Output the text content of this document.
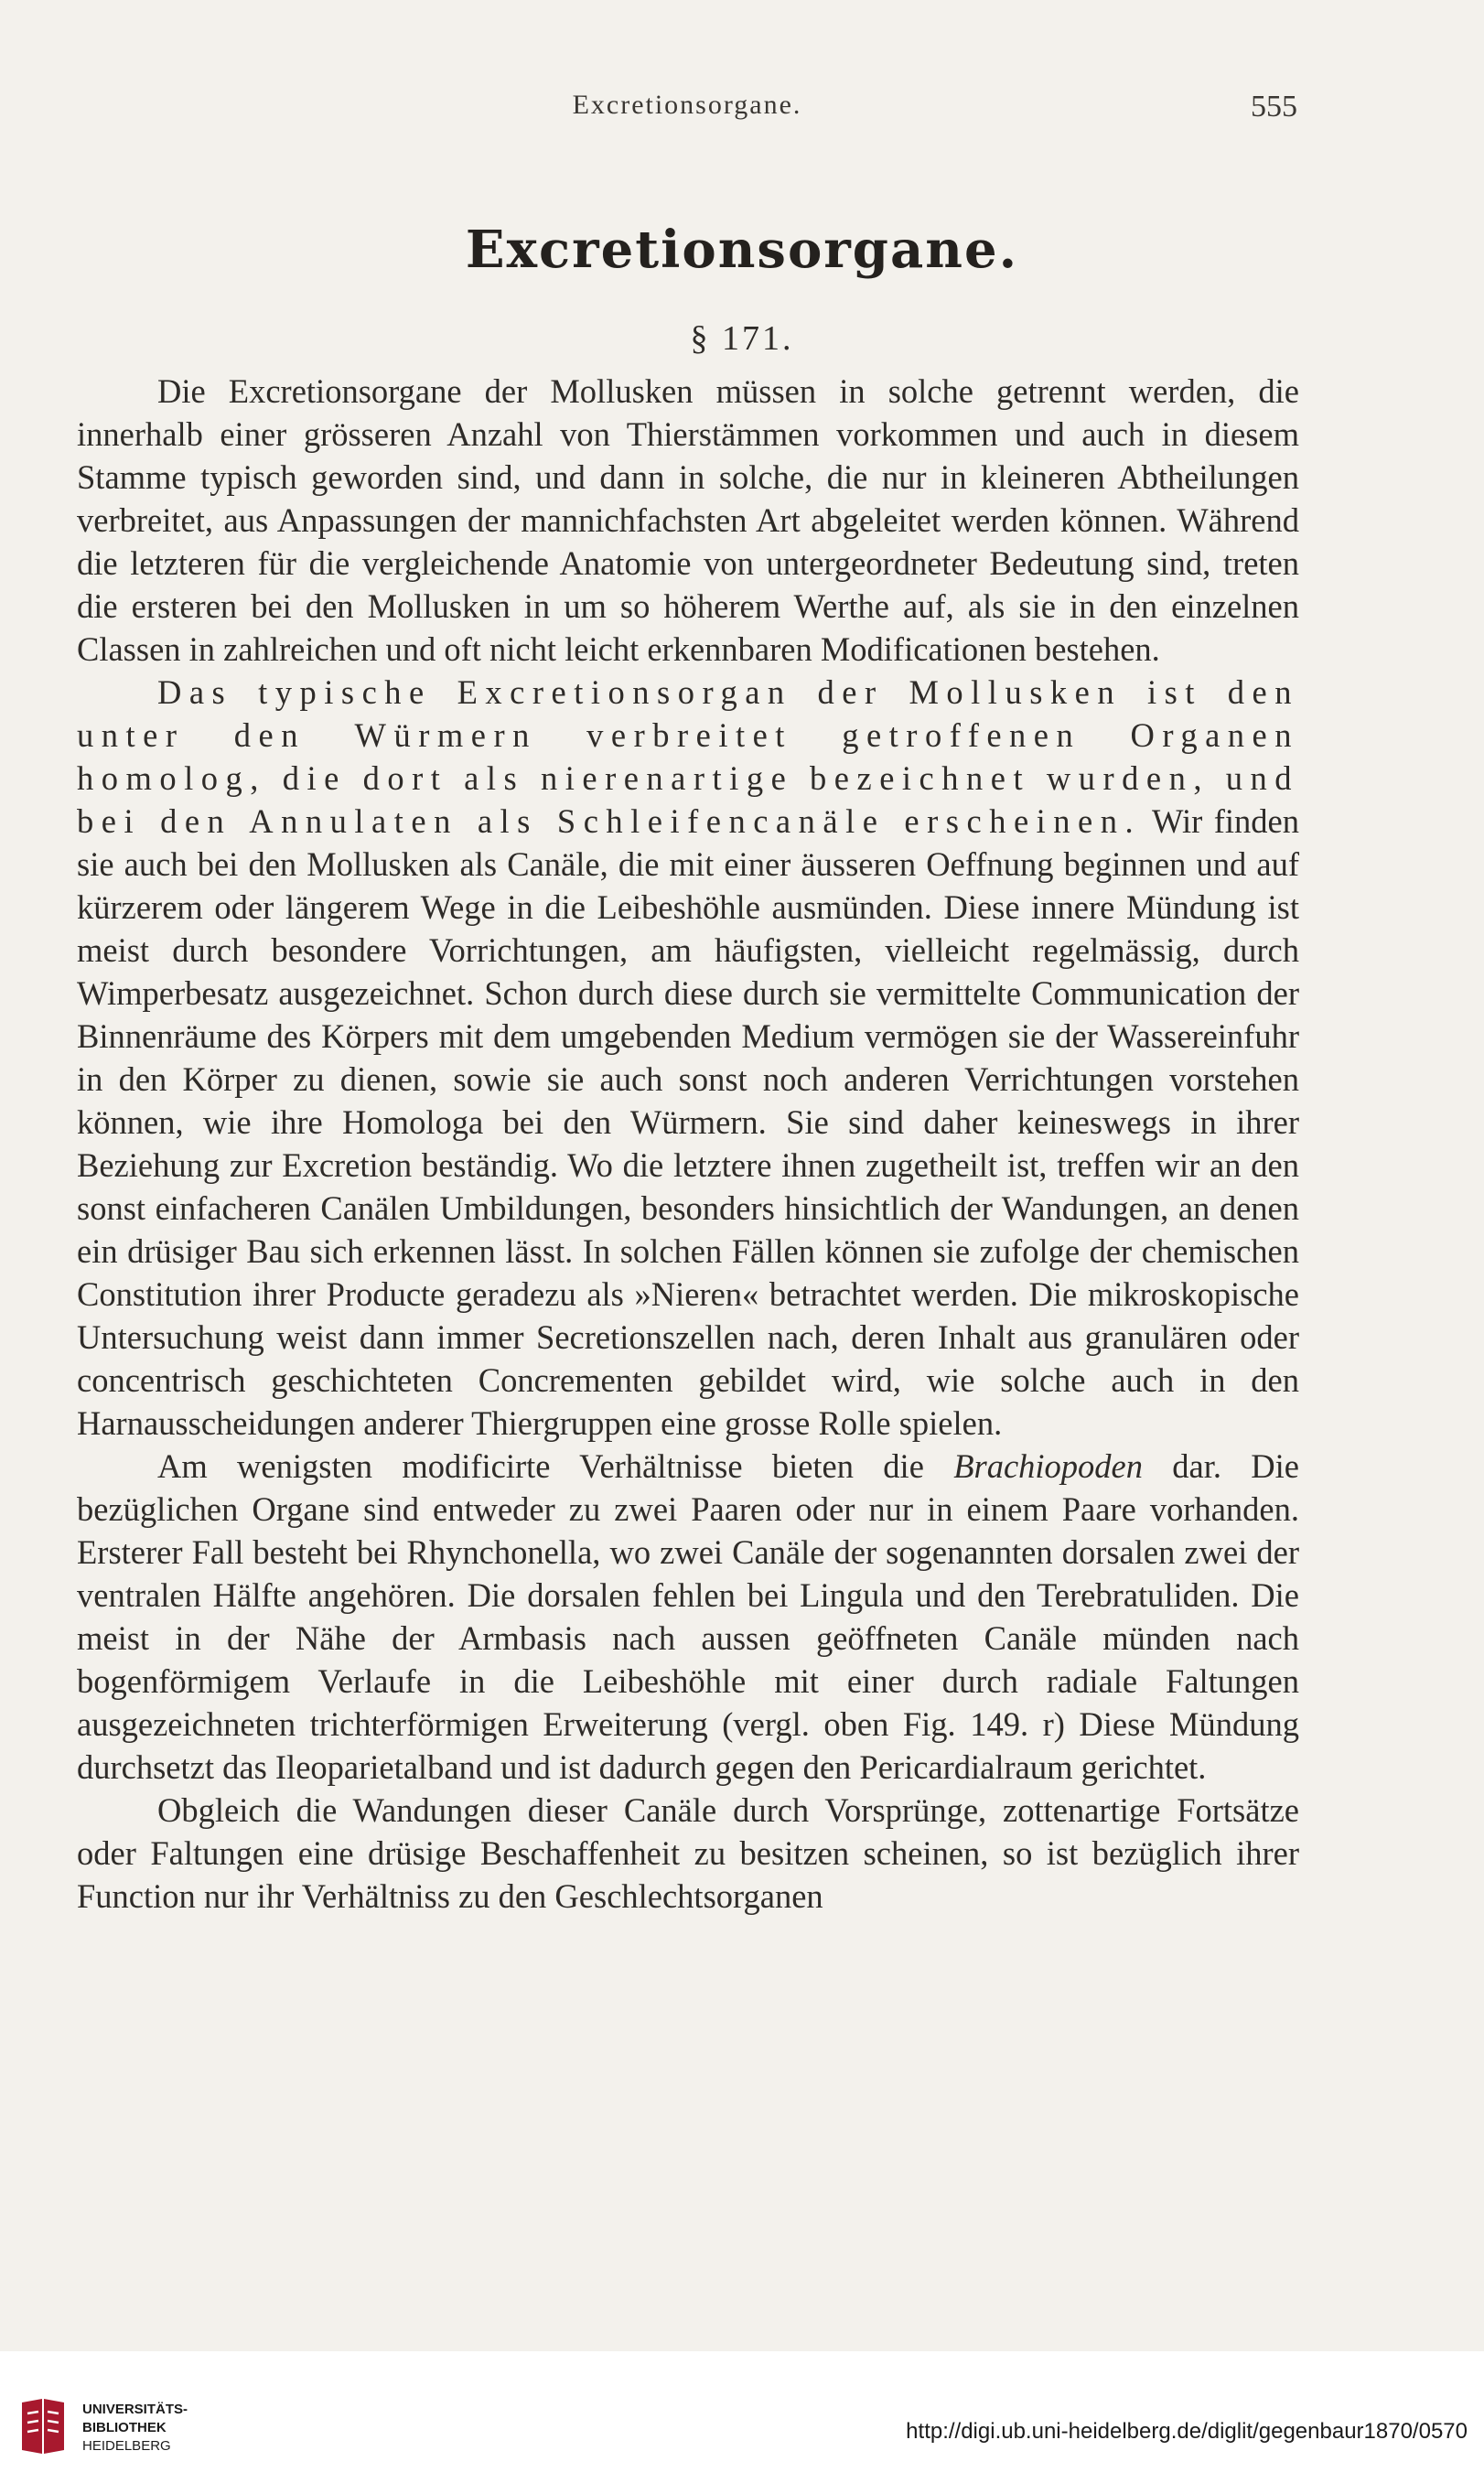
Excretionsorgane.	555
Excretionsorgane.
§ 171.

Die Excretionsorgane der Mollusken müssen in solche getrennt werden, die innerhalb einer grösseren Anzahl von Thierstämmen vorkommen und auch in diesem Stamme typisch geworden sind, und dann in solche, die nur in kleineren Abtheilungen verbreitet, aus Anpassungen der mannichfachsten Art abgeleitet werden können. Während die letzteren für die vergleichende Anatomie von untergeordneter Bedeutung sind, treten die ersteren bei den Mollusken in um so höherem Werthe auf, als sie in den einzelnen Classen in zahlreichen und oft nicht leicht erkennbaren Modificationen bestehen.

Das typische Excretionsorgan der Mollusken ist den unter den Würmern verbreitet getroffenen Organen homolog, die dort als nierenartige bezeichnet wurden, und bei den Annulaten als Schleifencanäle erscheinen. Wir finden sie auch bei den Mollusken als Canäle, die mit einer äusseren Oeffnung beginnen und auf kürzerem oder längerem Wege in die Leibeshöhle ausmünden. Diese innere Mündung ist meist durch besondere Vorrichtungen, am häufigsten, vielleicht regelmässig, durch Wimperbesatz ausgezeichnet. Schon durch diese durch sie vermittelte Communication der Binnenräume des Körpers mit dem umgebenden Medium vermögen sie der Wassereinfuhr in den Körper zu dienen, sowie sie auch sonst noch anderen Verrichtungen vorstehen können, wie ihre Homologa bei den Würmern. Sie sind daher keineswegs in ihrer Beziehung zur Excretion beständig. Wo die letztere ihnen zugetheilt ist, treffen wir an den sonst einfacheren Canälen Umbildungen, besonders hinsichtlich der Wandungen, an denen ein drüsiger Bau sich erkennen lässt. In solchen Fällen können sie zufolge der chemischen Constitution ihrer Producte geradezu als »Nieren« betrachtet werden. Die mikroskopische Untersuchung weist dann immer Secretionszellen nach, deren Inhalt aus granulären oder concentrisch geschichteten Concrementen gebildet wird, wie solche auch in den Harnausscheidungen anderer Thiergruppen eine grosse Rolle spielen.

Am wenigsten modificirte Verhältnisse bieten die Brachiopoden dar. Die bezüglichen Organe sind entweder zu zwei Paaren oder nur in einem Paare vorhanden. Ersterer Fall besteht bei Rhynchonella, wo zwei Canäle der sogenannten dorsalen zwei der ventralen Hälfte angehören. Die dorsalen fehlen bei Lingula und den Terebratuliden. Die meist in der Nähe der Armbasis nach aussen geöffneten Canäle münden nach bogenförmigem Verlaufe in die Leibeshöhle mit einer durch radiale Faltungen ausgezeichneten trichterförmigen Erweiterung (vergl. oben Fig. 149. r) Diese Mündung durchsetzt das Ileoparietalband und ist dadurch gegen den Pericardialraum gerichtet.

Obgleich die Wandungen dieser Canäle durch Vorsprünge, zottenartige Fortsätze oder Faltungen eine drüsige Beschaffenheit zu besitzen scheinen, so ist bezüglich ihrer Function nur ihr Verhältniss zu den Geschlechtsorganen

UNIVERSITÄTS-
BIBLIOTHEK
HEIDELBERG
http://digi.ub.uni-heidelberg.de/diglit/gegenbaur1870/0570
